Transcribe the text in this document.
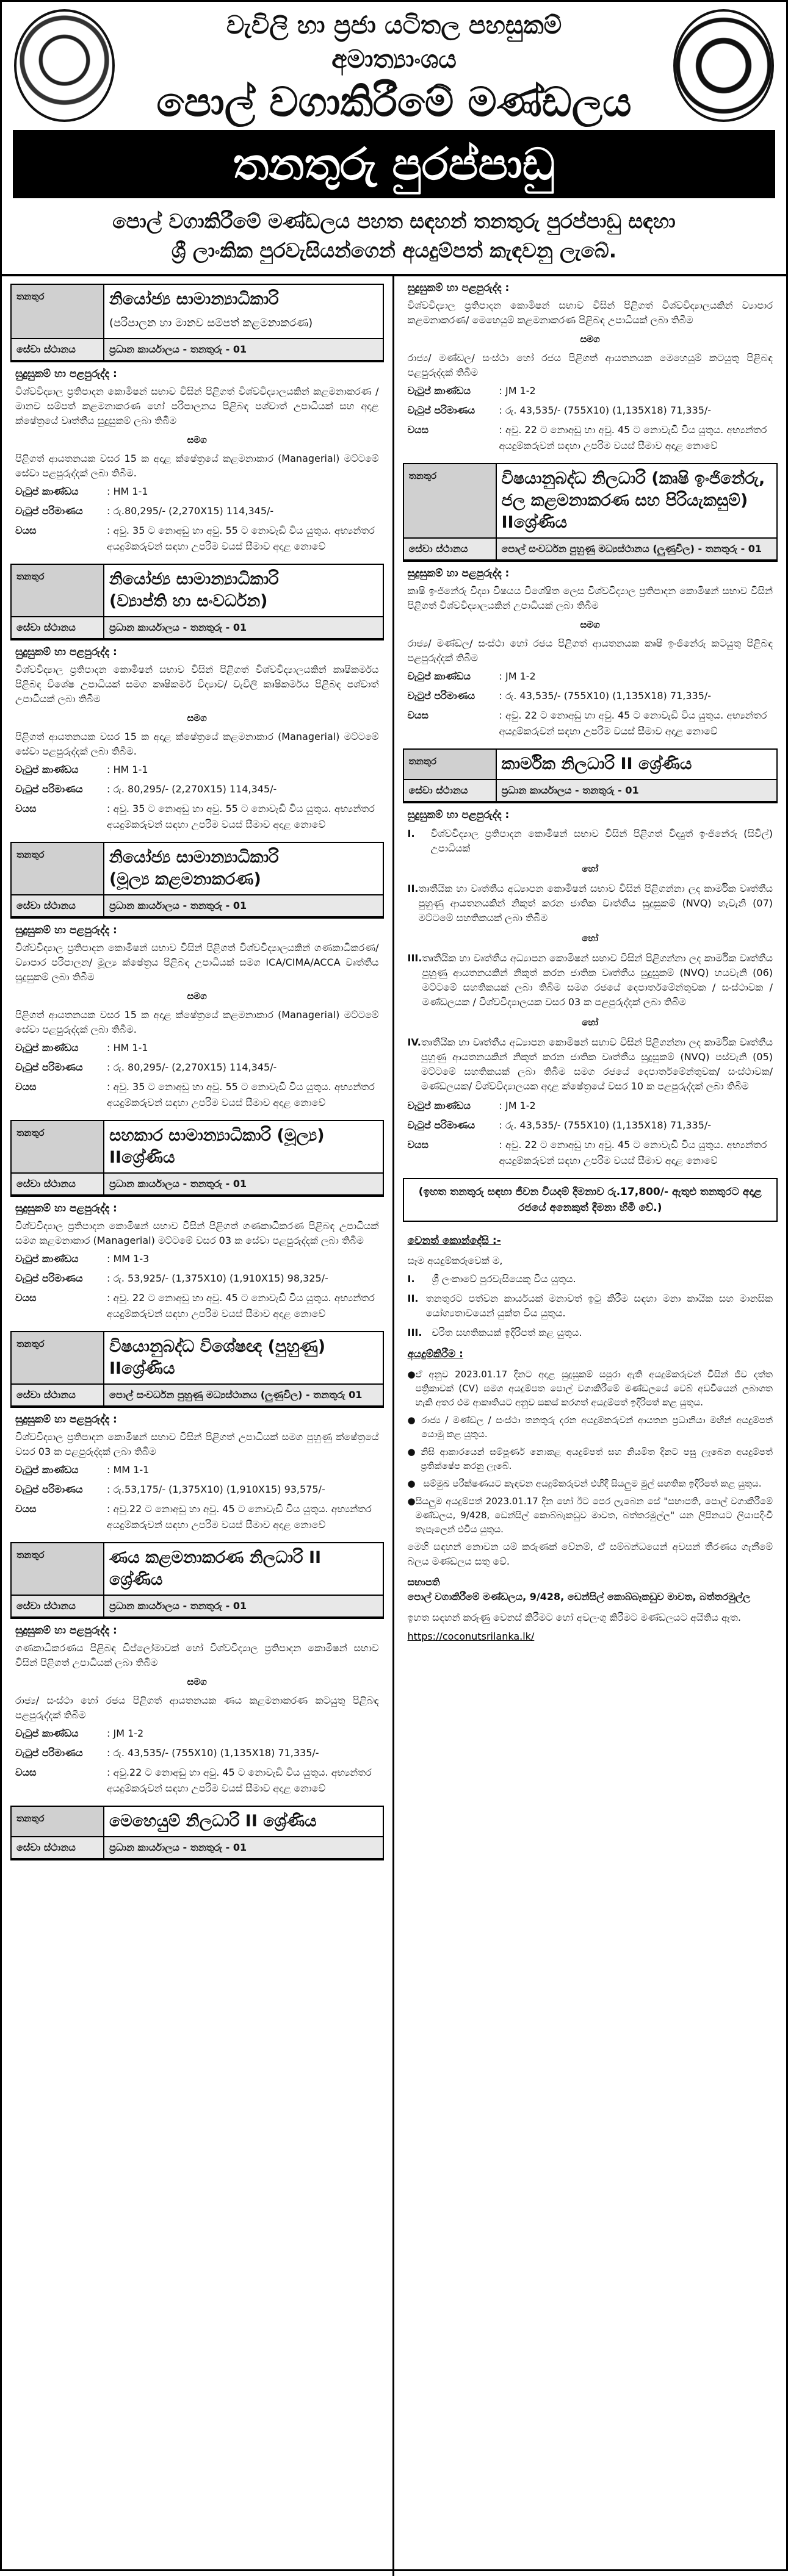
වැවිලි හා ප්‍රජා යටිතල පහසුකම්
අමාත්‍යාංශය
පොල් වගාකිරීමේ මණ්ඩලය
තනතුරු පුරප්පාඩු
පොල් වගාකිරීමේ මණ්ඩලය පහත සඳහන් තනතුරු පුරප්පාඩු සඳහා
ශ්‍රී ලාංකික පුරවැසියන්ගෙන් අයදුම්පත් කැඳවනු ලැබේ.
තනතුර	නියෝජ්‍ය සාමාන්‍යාධිකාරි
(පරිපාලන හා මානව සම්පත් කළමනාකරණ)
සේවා ස්ථානය	ප්‍රධාන කාර්යාලය - තනතුරු - 01
සුදුසුකම් හා පළපුරුද්ද :
විශ්වවිද්‍යාල ප්‍රතිපාදන කොමිෂන් සභාව විසින් පිළිගත් විශ්වවිද්‍යාලයකින් කළමනාකරණ / මානව සම්පත් කළමනාකරණ හෝ පරිපාලනය පිළිබඳ පශ්චාත් උපාධියක් සහ අදාළ ක්ෂේත්‍රයේ වෘත්තීය සුදුසුකම් ලබා තිබීම
සමග
පිළිගත් ආයතනයක වසර 15 ක අදාළ ක්ෂේත්‍රයේ කළමනාකාර (Managerial) මට්ටමේ සේවා පළපුරුද්දක් ලබා තිබීම.
වැටුප් කාණ්ඩය	: HM 1-1
වැටුප් පරිමාණය	: රු.80,295/- (2,270X15) 114,345/-
වයස	: අවු. 35 ට නොඅඩු හා අවු. 55 ට නොවැඩි විය යුතුය. අභ්‍යන්තර අයදුම්කරුවන් සඳහා උපරිම වයස් සීමාව අදාළ නොවේ
තනතුර	නියෝජ්‍ය සාමාන්‍යාධිකාරි
(ව්‍යාප්ති හා සංවර්ධන)
සේවා ස්ථානය	ප්‍රධාන කාර්යාලය - තනතුරු - 01
සුදුසුකම් හා පළපුරුද්ද :
විශ්වවිද්‍යාල ප්‍රතිපාදන කොමිෂන් සභාව විසින් පිළිගත් විශ්වවිද්‍යාලයකින් කෘෂිකර්මය පිළිබඳ විශේෂ උපාධියක් සමග කෘෂිකර්ම විද්‍යාව/ වැවිලි කෘෂිකර්මය පිළිබඳ පශ්චාත් උපාධියක් ලබා තිබීම
සමග
පිළිගත් ආයතනයක වසර 15 ක අදාළ ක්ෂේත්‍රයේ කළමනාකාර (Managerial) මට්ටමේ සේවා පළපුරුද්දක් ලබා තිබීම.
වැටුප් කාණ්ඩය	: HM 1-1
වැටුප් පරිමාණය	: රු. 80,295/- (2,270X15) 114,345/-
වයස	: අවු. 35 ට නොඅඩු හා අවු. 55 ට නොවැඩි විය යුතුය. අභ්‍යන්තර අයදුම්කරුවන් සඳහා උපරිම වයස් සීමාව අදාළ නොවේ
තනතුර	නියෝජ්‍ය සාමාන්‍යාධිකාරි
(මූල්‍ය කළමනාකරණ)
සේවා ස්ථානය	ප්‍රධාන කාර්යාලය - තනතුරු - 01
සුදුසුකම් හා පළපුරුද්ද :
විශ්වවිද්‍යාල ප්‍රතිපාදන කොමිෂන් සභාව විසින් පිළිගත් විශ්වවිද්‍යාලයකින් ගණකාධිකරණ/ ව්‍යාපාර පරිපාලන/ මූල්‍ය ක්ෂේත්‍රය පිළිබඳ උපාධියක් සමග ICA/CIMA/ACCA වෘත්තීය සුදුසුකම් ලබා තිබීම
සමග
පිළිගත් ආයතනයක වසර 15 ක අදාළ ක්ෂේත්‍රයේ කළමනාකාර (Managerial) මට්ටමේ සේවා පළපුරුද්දක් ලබා තිබීම.
වැටුප් කාණ්ඩය	: HM 1-1
වැටුප් පරිමාණය	: රු. 80,295/- (2,270X15) 114,345/-
වයස	: අවු. 35 ට නොඅඩු හා අවු. 55 ට නොවැඩි විය යුතුය. අභ්‍යන්තර අයදුම්කරුවන් සඳහා උපරිම වයස් සීමාව අදාළ නොවේ
තනතුර	සහකාර සාමාන්‍යාධිකාරි (මූල්‍ය) IIශ්‍රේණිය
සේවා ස්ථානය	ප්‍රධාන කාර්යාලය - තනතුරු - 01
සුදුසුකම් හා පළපුරුද්ද :
විශ්වවිද්‍යාල ප්‍රතිපාදන කොමිෂන් සභාව විසින් පිළිගත් ගණකාධිකරණ පිළිබඳ උපාධියක් සමග කළමනාකාර (Managerial) මට්ටමේ වසර 03 ක සේවා පළපුරුද්දක් ලබා තිබීම
වැටුප් කාණ්ඩය	: MM 1-3
වැටුප් පරිමාණය	: රු. 53,925/- (1,375X10) (1,910X15) 98,325/-
වයස	: අවු. 22 ට නොඅඩු හා අවු. 45 ට නොවැඩි විය යුතුය. අභ්‍යන්තර අයදුම්කරුවන් සඳහා උපරිම වයස් සීමාව අදාළ නොවේ
තනතුර	විෂයානුබද්ධ විශේෂඥ (පුහුණු) IIශ්‍රේණිය
සේවා ස්ථානය	පොල් සංවර්ධන පුහුණු මධ්‍යස්ථානය (ලුණුවිල) - තනතුරු 01
සුදුසුකම් හා පළපුරුද්ද :
විශ්වවිද්‍යාල ප්‍රතිපාදන කොමිෂන් සභාව විසින් පිළිගත් උපාධියක් සමග පුහුණු ක්ෂේත්‍රයේ වසර 03 ක පළපුරුද්දක් ලබා තිබීම
වැටුප් කාණ්ඩය	: MM 1-1
වැටුප් පරිමාණය	: රු.53,175/- (1,375X10) (1,910X15) 93,575/-
වයස	: අවු.22 ට නොඅඩු හා අවු. 45 ට නොවැඩි විය යුතුය. අභ්‍යන්තර අයදුම්කරුවන් සඳහා උපරිම වයස් සීමාව අදාළ නොවේ
තනතුර	ණය කළමනාකරණ නිලධාරි II ශ්‍රේණිය
සේවා ස්ථානය	ප්‍රධාන කාර්යාලය - තනතුරු - 01
සුදුසුකම් හා පළපුරුද්ද :
ගණකාධිකරණය පිළිබඳ ඩිප්ලෝමාවක් හෝ විශ්වවිද්‍යාල ප්‍රතිපාදන කොමිෂන් සභාව විසින් පිළිගත් උපාධියක් ලබා තිබීම
සමග
රාජ්‍ය/ සංස්ථා හෝ රජය පිළිගත් ආයතනයක ණය කළමනාකරණ කටයුතු පිළිබඳ පළපුරුද්දක් තිබීම
වැටුප් කාණ්ඩය	: JM 1-2
වැටුප් පරිමාණය	: රු. 43,535/- (755X10) (1,135X18) 71,335/-
වයස	: අවු.22 ට නොඅඩු හා අවු. 45 ට නොවැඩි විය යුතුය. අභ්‍යන්තර අයදුම්කරුවන් සඳහා උපරිම වයස් සීමාව අදාළ නොවේ
තනතුර	මෙහෙයුම් නිලධාරි II ශ්‍රේණිය
සේවා ස්ථානය	ප්‍රධාන කාර්යාලය - තනතුරු - 01
සුදුසුකම් හා පළපුරුද්ද :
විශ්වවිද්‍යාල ප්‍රතිපාදන කොමිෂන් සභාව විසින් පිළිගත් විශ්වවිද්‍යාලයකින් ව්‍යාපාර කළමනාකරණ/ මෙහෙයුම් කළමනාකරණ පිළිබඳ උපාධියක් ලබා තිබීම
සමග
රාජ්‍ය/ මණ්ඩල/ සංස්ථා හෝ රජය පිළිගත් ආයතනයක මෙහෙයුම් කටයුතු පිළිබඳ පළපුරුද්දක් තිබීම
වැටුප් කාණ්ඩය	: JM 1-2
වැටුප් පරිමාණය	: රු. 43,535/- (755X10) (1,135X18) 71,335/-
වයස	: අවු. 22 ට නොඅඩු හා අවු. 45 ට නොවැඩි විය යුතුය. අභ්‍යන්තර අයදුම්කරුවන් සඳහා උපරිම වයස් සීමාව අදාළ නොවේ
තනතුර	විෂයානුබද්ධ නිලධාරි (කෘෂි ඉංජිනේරු, ජල කළමනාකරණ සහ පිරියැකසුම්) IIශ්‍රේණිය
සේවා ස්ථානය	පොල් සංවර්ධන පුහුණු මධ්‍යස්ථානය (ලුණුවිල) - තනතුරු - 01
සුදුසුකම් හා පළපුරුද්ද :
කෘෂි ඉංජිනේරු විද්‍යා විෂයය විශේෂිත ලෙස විශ්වවිද්‍යාල ප්‍රතිපාදන කොමිෂන් සභාව විසින් පිළිගත් විශ්වවිද්‍යාලයකින් උපාධියක් ලබා තිබීම
සමග
රාජ්‍ය/ මණ්ඩල/ සංස්ථා හෝ රජය පිළිගත් ආයතනයක කෘෂි ඉංජිනේරු කටයුතු පිළිබඳ පළපුරුද්දක් තිබීම
වැටුප් කාණ්ඩය	: JM 1-2
වැටුප් පරිමාණය	: රු. 43,535/- (755X10) (1,135X18) 71,335/-
වයස	: අවු. 22 ට නොඅඩු හා අවු. 45 ට නොවැඩි විය යුතුය. අභ්‍යන්තර අයදුම්කරුවන් සඳහා උපරිම වයස් සීමාව අදාළ නොවේ
තනතුර	කාර්මික නිලධාරි II ශ්‍රේණිය
සේවා ස්ථානය	ප්‍රධාන කාර්යාලය - තනතුරු - 01
සුදුසුකම් හා පළපුරුද්ද :
I.	විශ්වවිද්‍යාල ප්‍රතිපාදන කොමිෂන් සභාව විසින් පිළිගත් විද්‍යුත් ඉංජිනේරු (සිවිල්) උපාධියක්
හෝ
II. තෘතීයික හා වෘත්තීය අධ්‍යාපන කොමිෂන් සභාව විසින් පිළිගන්නා ලද කාර්මික වෘත්තීය පුහුණු ආයතනයකින් නිකුත් කරන ජාතික වෘත්තීය සුදුසුකම් (NVQ) හැවැනි (07) මට්ටමේ සහතිකයක් ලබා තිබීම
හෝ
III. තෘතීයික හා වෘත්තීය අධ්‍යාපන කොමිෂන් සභාව විසින් පිළිගන්නා ලද කාර්මික වෘත්තීය පුහුණු ආයතනයකින් නිකුත් කරන ජාතික වෘත්තීය සුදුසුකම් (NVQ) හයවැනි (06) මට්ටමේ සහතිකයක් ලබා තිබීම සමග රජයේ දෙපාර්තමේන්තුවක / සංස්ථාවක / මණ්ඩලයක / විශ්වවිද්‍යාලයක වසර 03 ක පළපුරුද්දක් ලබා තිබීම
හෝ
IV. තෘතීයික හා වෘත්තීය අධ්‍යාපන කොමිෂන් සභාව විසින් පිළිගන්නා ලද කාර්මික වෘත්තීය පුහුණු ආයතනයකින් නිකුත් කරන ජාතික වෘත්තීය සුදුසුකම් (NVQ) පස්වැනි (05) මට්ටමේ සහතිකයක් ලබා තිබීම සමග රජයේ දෙපාර්තමේන්තුවක/ සංස්ථාවක/ මණ්ඩලයක/ විශ්වවිද්‍යාලයක අදාළ ක්ෂේත්‍රයේ වසර 10 ක පළපුරුද්දක් ලබා තිබීම
වැටුප් කාණ්ඩය	: JM 1-2
වැටුප් පරිමාණය	: රු. 43,535/- (755X10) (1,135X18) 71,335/-
වයස	: අවු. 22 ට නොඅඩු හා අවු. 45 ට නොවැඩි විය යුතුය. අභ්‍යන්තර අයදුම්කරුවන් සඳහා උපරිම වයස් සීමාව අදාළ නොවේ
(ඉහත තනතුරු සඳහා ජීවන වියදම් දීමනාව රු.17,800/- ඇතුළු තනතුරට අදාළ රජයේ අනෙකුත් දීමනා හිමි වේ.)
වෙනත් කොන්දේසි :-
සෑම අයදුම්කරුවෙක් ම,
I.	ශ්‍රී ලංකාවේ පුරවැසියෙකු විය යුතුය.
II. තනතුරට පත්වන කාර්යයක් මනාවත් ඉටු කිරීම සඳහා මනා කායික සහ මානසික යෝග්‍යතාවයෙන් යුක්ත විය යුතුය.
III.	චරිත සහතිකයක් ඉදිරිපත් කළ යුතුය.
අයදුම්කිරීම :
● ඒ අනුව 2023.01.17 දිනට අදාළ සුදුසුකම් සපුරා ඇති අයදුම්කරුවන් විසින් ජීව දත්ත පත්‍රිකාවක් (CV) සමග අයදුම්පත පොල් වගාකිරීමේ මණ්ඩලයේ වෙබ් අඩවියෙන් ලබාගත හැකි අතර එම ආකෘතියට අනුව සකස් කරගත් අයදුම්පත් ඉදිරිපත් කළ යුතුය.
● රාජ්‍ය / මණ්ඩල / සංස්ථා තනතුරු දරන අයදුම්කරුවන් ආයතන ප්‍රධානියා මඟින් අයදුම්පත් යොමු කළ යුතුය.
● නිසි ආකාරයෙන් සම්පූර්ණ නොකළ අයදුම්පත් සහ නියමිත දිනට පසු ලැබෙන අයදුම්පත් ප්‍රතික්ෂේප කරනු ලැබේ.
● සම්මුඛ පරීක්ෂණයට කැඳවන අයදුම්කරුවන් එහිදී සියලුම මුල් සහතික ඉදිරිපත් කළ යුතුය.
● සියලුම අයදුම්පත් 2023.01.17 දින හෝ ඊට පෙර ලැබෙන සේ "සභාපති, පොල් වගාකිරීමේ මණ්ඩලය, 9/428, ඩෙන්සිල් කොබ්බෑකඩුව මාවත, බත්තරමුල්ල" යන ලිපිනයට ලියාපදිංචි තැපෑලෙන් එවිය යුතුය.
මෙහි සඳහන් නොවන යම් කරුණක් වේනම්, ඒ සම්බන්ධයෙන් අවසන් තීරණය ගැනීමේ බලය මණ්ඩලය සතු වේ.
සභාපති
පොල් වගාකිරීමේ මණ්ඩලය, 9/428, ඩෙන්සිල් කොබ්බෑකඩුව මාවත, බත්තරමුල්ල
ඉහත සඳහන් කරුණු වෙනස් කිරීමට හෝ අවලංගු කිරීමට මණ්ඩලයට අයිතිය ඇත.
https://coconutsrilanka.lk/
